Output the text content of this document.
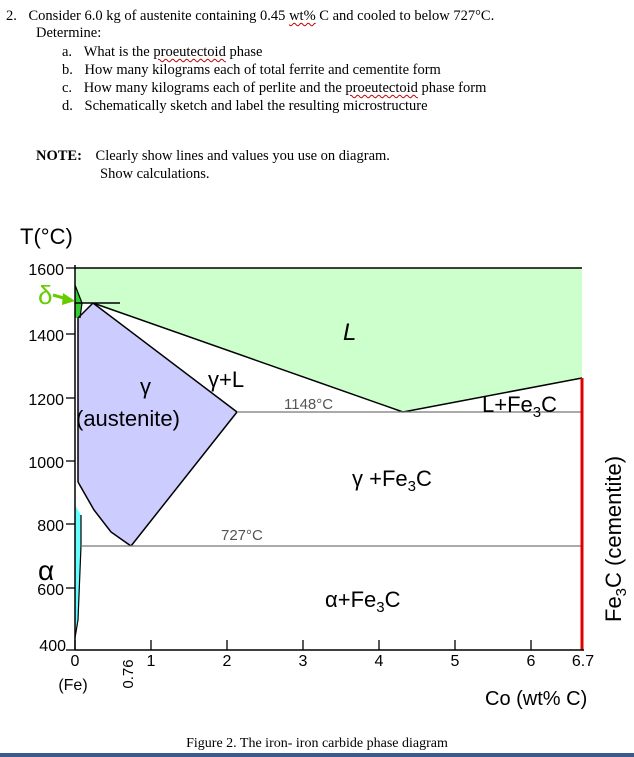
2. Consider 6.0 kg of austenite containing 0.45 wt% C and cooled to below 727°C.
Determine:
a. What is the proeutectoid phase
b. How many kilograms each of total ferrite and cementite form
c. How many kilograms each of perlite and the proeutectoid phase form
d. Schematically sketch and label the resulting microstructure
NOTE: Clearly show lines and values you use on diagram.
Show calculations.
1600
1400
1200
1000
800
600
400
0	1	2	3	4	5	6 6.7
(Fe) 0.76
T(°C)
Co (wt% C)
δ
L
γ
(austenite)
γ+L
1148°C
727°C
$L+Fe_3C$
$\gamma +Fe_3C$
α
$\alpha+Fe_3C$	$Fe_3C$ (cementite)
Figure 2. The iron- iron carbide phase diagram
